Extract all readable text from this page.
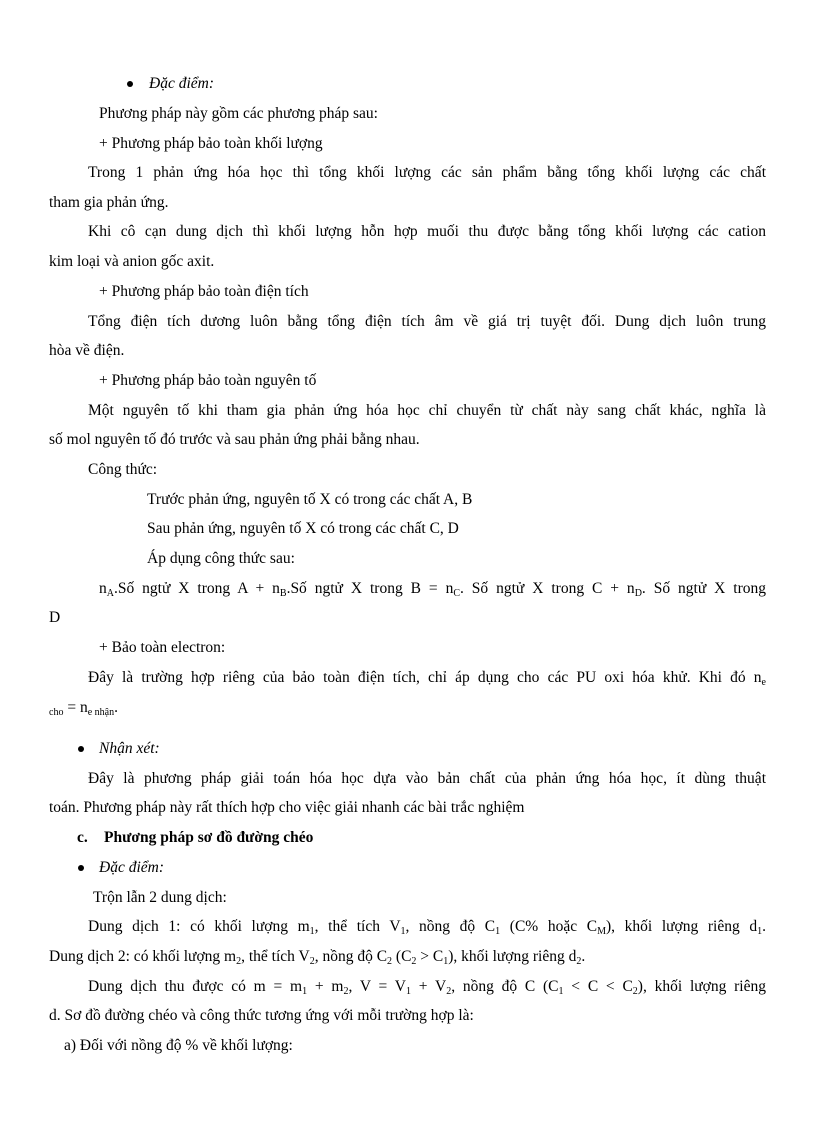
Đặc điểm:
Phương pháp này gồm các phương pháp sau:
+ Phương pháp bảo toàn khối lượng
Trong 1 phản ứng hóa học thì tổng khối lượng các sản phẩm bằng tổng khối lượng các chất
tham gia phản ứng.
Khi cô cạn dung dịch thì khối lượng hỗn hợp muối thu được bằng tổng khối lượng các cation
kim loại và anion gốc axit.
+ Phương pháp bảo toàn điện tích
Tổng điện tích dương luôn bằng tổng điện tích âm về giá trị tuyệt đối. Dung dịch luôn trung
hòa về điện.
+ Phương pháp bảo toàn nguyên tố
Một nguyên tố khi tham gia phản ứng hóa học chỉ chuyển từ chất này sang chất khác, nghĩa là
số mol nguyên tố đó trước và sau phản ứng phải bằng nhau.
Công thức:
Trước phản ứng, nguyên tố X có trong các chất A, B
Sau phản ứng, nguyên tố X có trong các chất C, D
Áp dụng công thức sau:
$n_A.Số$ ngtử X trong $A + n_B.Số$ ngtử X trong $B = n_C$. Số ngtử X trong $C + n_D$. Số ngtử X trong
D
+ Bảo toàn electron:
Đây là trường hợp riêng của bảo toàn điện tích, chỉ áp dụng cho các PU oxi hóa khử. Khi đó $n_e$
$_{cho} = n_{e nhận}$.
Nhận xét:
Đây là phương pháp giải toán hóa học dựa vào bản chất của phản ứng hóa học, ít dùng thuật
toán. Phương pháp này rất thích hợp cho việc giải nhanh các bài trắc nghiệm
c. Phương pháp sơ đồ đường chéo
Đặc điểm:
Trộn lẫn 2 dung dịch:
Dung dịch 1: có khối lượng $m_1$, thể tích $V_1$, nồng độ $C_1$ (C% hoặc $C_M$), khối lượng riêng $d_1$.
Dung dịch 2: có khối lượng $m_2$, thể tích $V_2$, nồng độ $C_2$ $(C_2 > C_1)$, khối lượng riêng $d_2$.
Dung dịch thu được có $m = m_1 + m_2$, $V = V_1 + V_2$, nồng độ C $(C_1 < C < C_2)$, khối lượng riêng
d. Sơ đồ đường chéo và công thức tương ứng với mỗi trường hợp là:
a) Đối với nồng độ % về khối lượng:
